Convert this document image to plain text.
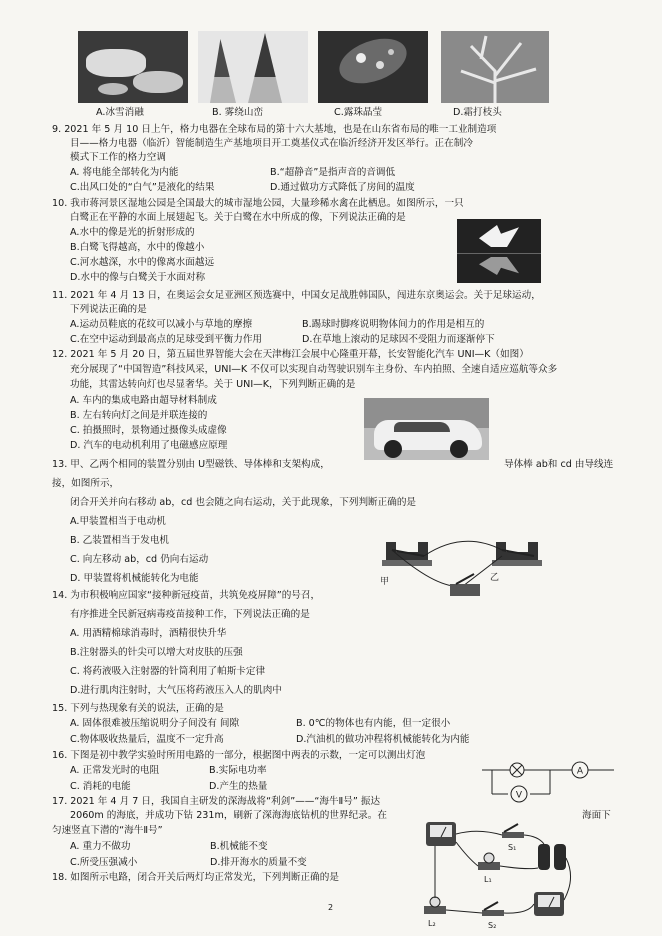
A.冰雪消融	B. 雾绕山峦	C.露珠晶莹	D.霜打枝头
9. 2021 年 5 月 10 日上午，格力电器在全球布局的第十六大基地，也是在山东省布局的唯一工业制造项
目——格力电器（临沂）智能制造生产基地项目开工奠基仪式在临沂经济开发区举行。正在制冷
模式下工作的格力空调
A. 将电能全部转化为内能	B.“超静音”是指声音的音调低
C.出风口处的“白气”是液化的结果	D.通过做功方式降低了房间的温度
10. 我市蒋河景区湿地公园是全国最大的城市湿地公园，大量珍稀水禽在此栖息。如图所示，一只
白鹭正在平静的水面上展翅起飞。关于白鹭在水中所成的像，下列说法正确的是
A.水中的像是光的折射形成的
B.白鹭飞得越高，水中的像越小
C.河水越深，水中的像离水面越远
D.水中的像与白鹭关于水面对称
11. 2021 年 4 月 13 日，在奥运会女足亚洲区预选赛中，中国女足战胜韩国队，闯进东京奥运会。关于足球运动，
下列说法正确的是
A.运动员鞋底的花纹可以减小与草地的摩擦	B.踢球时脚疼说明物体间力的作用是相互的
C.在空中运动到最高点的足球受到平衡力作用	D.在草地上滚动的足球因不受阻力而逐渐停下
12. 2021 年 5 月 20 日，第五届世界智能大会在天津梅江会展中心隆重开幕，长安智能化汽车 UNI—K（如图）
充分展现了“中国智造”科技风采，UNI—K 不仅可以实现自动驾驶识别车主身份、车内拍照、全速自适应巡航等众多
功能，其雷达转向灯也尽显奢华。关于 UNI—K，下列判断正确的是
A. 车内的集成电路由超导材料制成
B. 左右转向灯之间是并联连接的
C. 拍摄照时，景物通过摄像头成虚像
D. 汽车的电动机利用了电磁感应原理
13. 甲、乙两个相同的装置分别由 U型磁铁、导体棒和支架构成，	导体棒 ab和 cd 由导线连
接，如图所示，
闭合开关并向右移动 ab，cd 也会随之向右运动，关于此现象，下列判断正确的是
A.甲装置相当于电动机
B. 乙装置相当于发电机
C. 向左移动 ab，cd 仍向右运动
D. 甲装置将机械能转化为电能	甲	乙
14. 为市积极响应国家“接种新冠疫苗，共筑免疫屏障”的号召，
有序推进全民新冠病毒疫苗接种工作，下列说法正确的是
A. 用酒精棉球消毒时，酒精很快升华
B.注射器头的针尖可以增大对皮肤的压强
C. 将药液吸入注射器的针筒利用了帕斯卡定律
D.进行肌肉注射时，大气压将药液压入人的肌肉中
15. 下列与热现象有关的说法，正确的是
A. 固体很难被压缩说明分子间没有 间隙	B. 0℃的物体也有内能，但一定很小
C.物体吸收热量后，温度不一定升高	D.汽油机的做功冲程将机械能转化为内能
16. 下图是初中教学实验时所用电路的一部分，根据图中两表的示数，一定可以测出灯泡
A. 正常发光时的电阻	B.实际电功率
C. 消耗的电能	D.产生的热量
A
V
17. 2021 年 4 月 7 日，我国自主研发的深海战将“利剑”——“海牛Ⅱ号” 振达
2060m 的海底，并成功下钻 231m，刷新了深海海底钻机的世界纪录。在	海面下
匀速竖直下潜的“海牛Ⅱ号”
A. 重力不做功	B.机械能不变
C.所受压强减小	D.排开海水的质量不变
18. 如图所示电路，闭合开关后两灯均正常发光，下列判断正确的是
S₁
L₁
L₂	S₂
2
